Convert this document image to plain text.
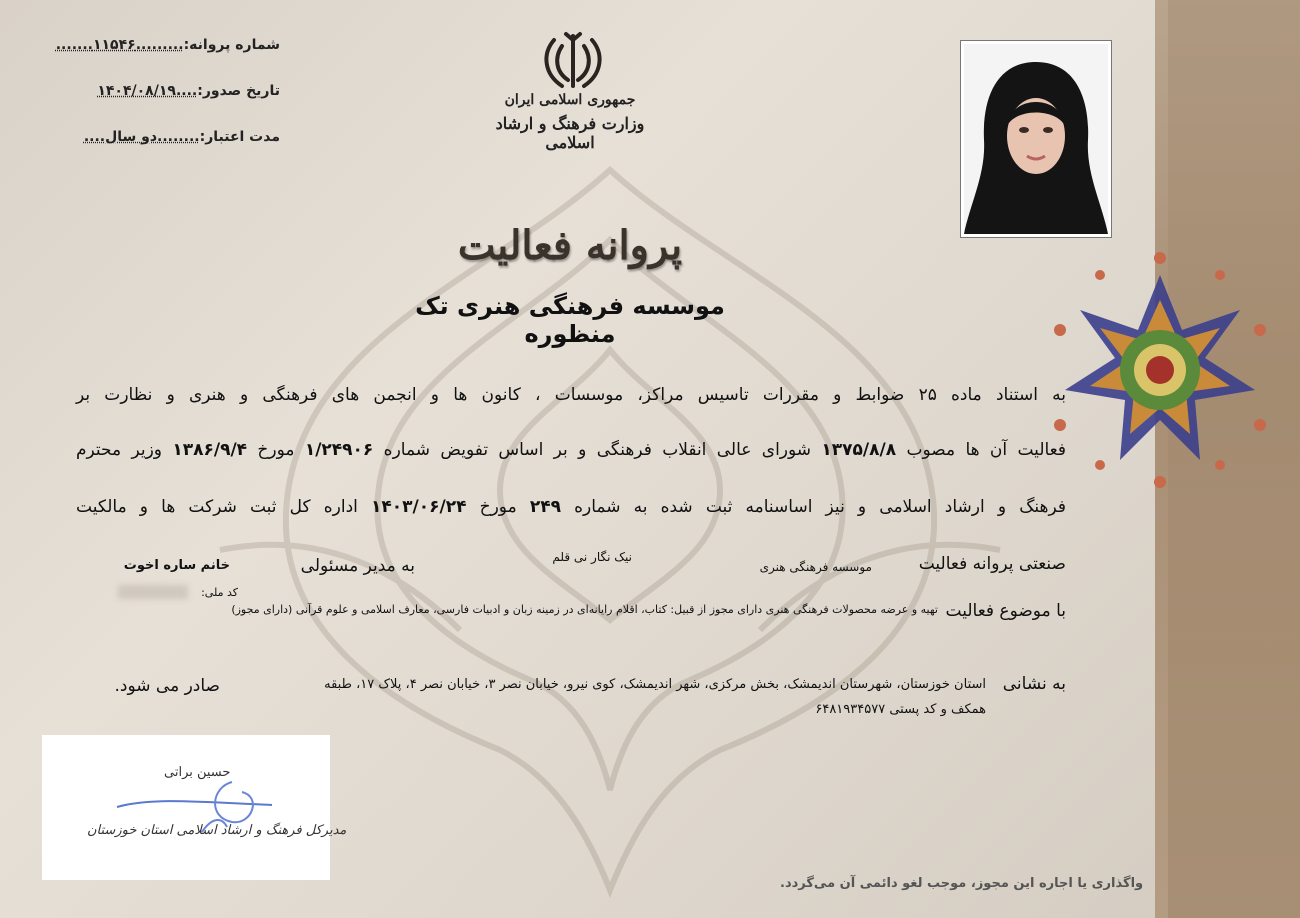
شماره پروانه:.........۱۱۵۴۶.......
تاریخ صدور:....۱۴۰۴/۰۸/۱۹
مدت اعتبار:........دو سال....
جمهوری اسلامی ایران
وزارت فرهنگ و ارشاد اسلامی
پروانه فعالیت
موسسه فرهنگی هنری تک منظوره
به استناد ماده ۲۵ ضوابط و مقررات تاسیس مراکز، موسسات ، کانون ها و انجمن های فرهنگی و هنری و نظارت بر
فعالیت آن ها مصوب ۱۳۷۵/۸/۸ شورای عالی انقلاب فرهنگی و بر اساس تفویض شماره ۱/۲۴۹۰۶ مورخ ۱۳۸۶/۹/۴ وزیر محترم
فرهنگ و ارشاد اسلامی و نیز اساسنامه ثبت شده به شماره ۲۴۹ مورخ ۱۴۰۳/۰۶/۲۴ اداره کل ثبت شرکت ها و مالکیت
صنعتی پروانه فعالیت
موسسه فرهنگی هنری
نیک نگار نی قلم
به مدیر مسئولی
خانم ساره اخوت
کد ملی:
با موضوع فعالیت
تهیه و عرضه محصولات فرهنگی هنری دارای مجوز از قبیل: کتاب، اقلام رایانه‌ای در زمینه زبان و ادبیات فارسی، معارف اسلامی و علوم قرآنی (دارای مجوز)
به نشانی
استان خوزستان، شهرستان اندیمشک، بخش مرکزی، شهر اندیمشک، کوی نیرو، خیابان نصر ۳، خیابان نصر ۴، پلاک ۱۷، طبقه
همکف و کد پستی ۶۴۸۱۹۳۴۵۷۷
صادر می شود.
حسین براتی
مدیرکل فرهنگ و ارشاد اسلامی استان خوزستان
واگذاری یا اجاره این مجوز، موجب لغو دائمی آن می‌گردد.
